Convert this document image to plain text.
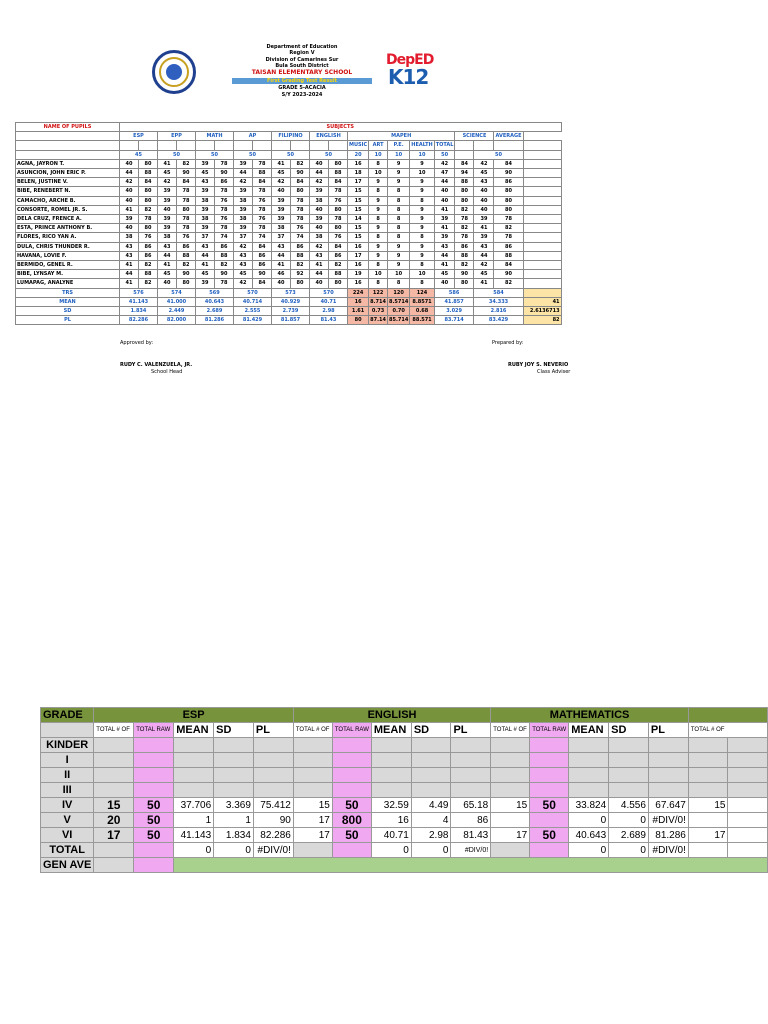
Department of Education
Region V
Division of Camarines Sur
Bula South District
TAISAN ELEMENTARY SCHOOL
First Grading Test Result
GRADE 5-ACACIA
S/Y 2023-2024
DepED
K12
NAME OF PUPILS	SUBJECTS																				
	ESP		EPP		MATH		AP		FILIPINO		ENGLISH		MAPEH					SCIENCE		AVERAGE	
													MUSIC	ART	P.E.	HEALTH	TOTAL				
	45		50		50		50		50		50		20	10	10	10	50		50		
AGNA, JAYRON T.	40	80	41	82	39	78	39	78	41	82	40	80	16	8	9	9	42	84	42	84	
ASUNCION, JOHN ERIC P.	44	88	45	90	45	90	44	88	45	90	44	88	18	10	9	10	47	94	45	90	
BELEN, JUSTINE V.	42	84	42	84	43	86	42	84	42	84	42	84	17	9	9	9	44	88	43	86	
BIBE, RENEBERT N.	40	80	39	78	39	78	39	78	40	80	39	78	15	8	8	9	40	80	40	80	
CAMACHO, ARCHE B.	40	80	39	78	38	76	38	76	39	78	38	76	15	9	8	8	40	80	40	80	
CONSORTE, ROMEL JR. S.	41	82	40	80	39	78	39	78	39	78	40	80	15	9	8	9	41	82	40	80	
DELA CRUZ, FRENCE A.	39	78	39	78	38	76	38	76	39	78	39	78	14	8	8	9	39	78	39	78	
ESTA, PRINCE ANTHONY B.	40	80	39	78	39	78	39	78	38	76	40	80	15	9	8	9	41	82	41	82	
FLORES, RICO YAN A.	38	76	38	76	37	74	37	74	37	74	38	76	15	8	8	8	39	78	39	78	
DULA, CHRIS THUNDER R.	43	86	43	86	43	86	42	84	43	86	42	84	16	9	9	9	43	86	43	86	
HAVANA, LOVIE F.	43	86	44	88	44	88	43	86	44	88	43	86	17	9	9	9	44	88	44	88	
BERMIDO, GENEL R.	41	82	41	82	41	82	43	86	41	82	41	82	16	8	9	8	41	82	42	84	
BIBE, LYNSAY M.	44	88	45	90	45	90	45	90	46	92	44	88	19	10	10	10	45	90	45	90	
LUMAPAG, ANALYNE	41	82	40	80	39	78	42	84	40	80	40	80	16	8	8	8	40	80	41	82	
TRS	576		574		569		570		573		570		224	122	120	124	586		584		
MEAN	41.143		41.000		40.643		40.714		40.929		40.71		16	8.714	8.5714	8.8571	41.857		34.333		41
SD	1.834		2.449		2.689		2.555		2.739		2.98		1.61	0.73	0.70	0.68	3.029		2.816		2.6136713
PL	82.286		82.000		81.286		81.429		81.857		81.43		80	87.14	85.714	88.571	83.714		83.429		82
Approved by:	Prepared by:
RUDY C. VALENZUELA, JR.
School Head
RUBY JOY S. NEVERIO
Class Adviser
GRADE	ESP					ENGLISH					MATHEMATICS						
	TOTAL # OF	TOTAL RAW	MEAN	SD	PL	TOTAL # OF	TOTAL RAW	MEAN	SD	PL	TOTAL # OF	TOTAL RAW	MEAN	SD	PL	TOTAL # OF	
KINDER																	
I																	
II																	
III																	
IV	15	50	37.706	3.369	75.412	15	50	32.59	4.49	65.18	15	50	33.824	4.556	67.647	15	
V	20	50	1	1	90	17	800	16	4	86			0	0	#DIV/0!		
VI	17	50	41.143	1.834	82.286	17	50	40.71	2.98	81.43	17	50	40.643	2.689	81.286	17	
TOTAL			0	0	#DIV/0!			0	0	#DIV/0!			0	0	#DIV/0!		
GEN AVE																	
